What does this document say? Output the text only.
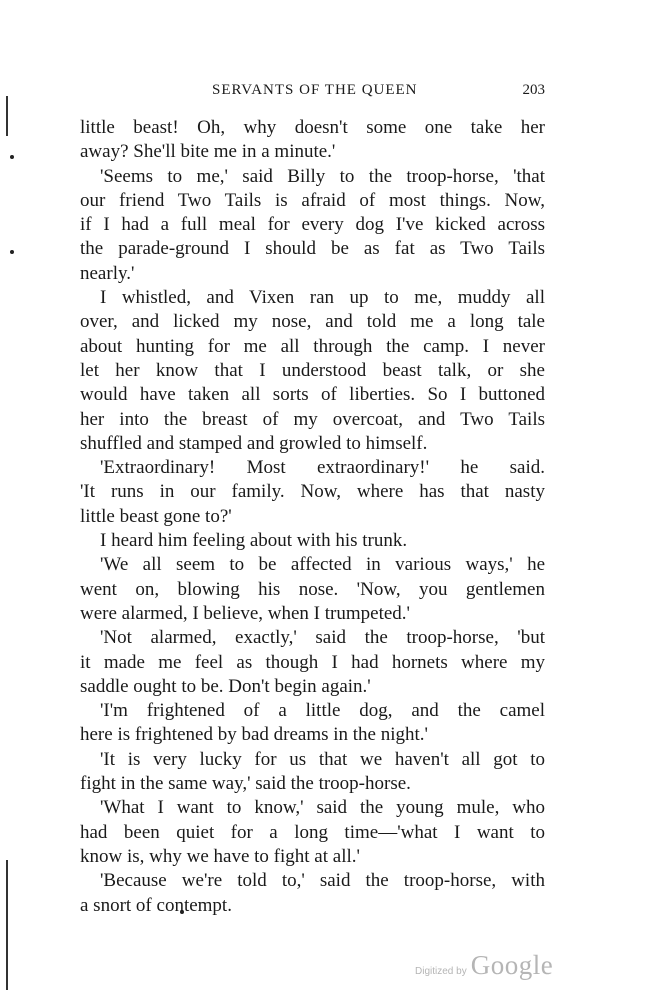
SERVANTS OF THE QUEEN	203
little beast! Oh, why doesn't some one take her
away? She'll bite me in a minute.'
'Seems to me,' said Billy to the troop-horse, 'that
our friend Two Tails is afraid of most things. Now,
if I had a full meal for every dog I've kicked across
the parade-ground I should be as fat as Two Tails
nearly.'
I whistled, and Vixen ran up to me, muddy all
over, and licked my nose, and told me a long tale
about hunting for me all through the camp. I never
let her know that I understood beast talk, or she
would have taken all sorts of liberties. So I buttoned
her into the breast of my overcoat, and Two Tails
shuffled and stamped and growled to himself.
'Extraordinary! Most extraordinary!' he said.
'It runs in our family. Now, where has that nasty
little beast gone to?'
I heard him feeling about with his trunk.
'We all seem to be affected in various ways,' he
went on, blowing his nose. 'Now, you gentlemen
were alarmed, I believe, when I trumpeted.'
'Not alarmed, exactly,' said the troop-horse, 'but
it made me feel as though I had hornets where my
saddle ought to be. Don't begin again.'
'I'm frightened of a little dog, and the camel
here is frightened by bad dreams in the night.'
'It is very lucky for us that we haven't all got to
fight in the same way,' said the troop-horse.
'What I want to know,' said the young mule, who
had been quiet for a long time—'what I want to
know is, why we have to fight at all.'
'Because we're told to,' said the troop-horse, with
a snort of contempt.
Digitized by Google
